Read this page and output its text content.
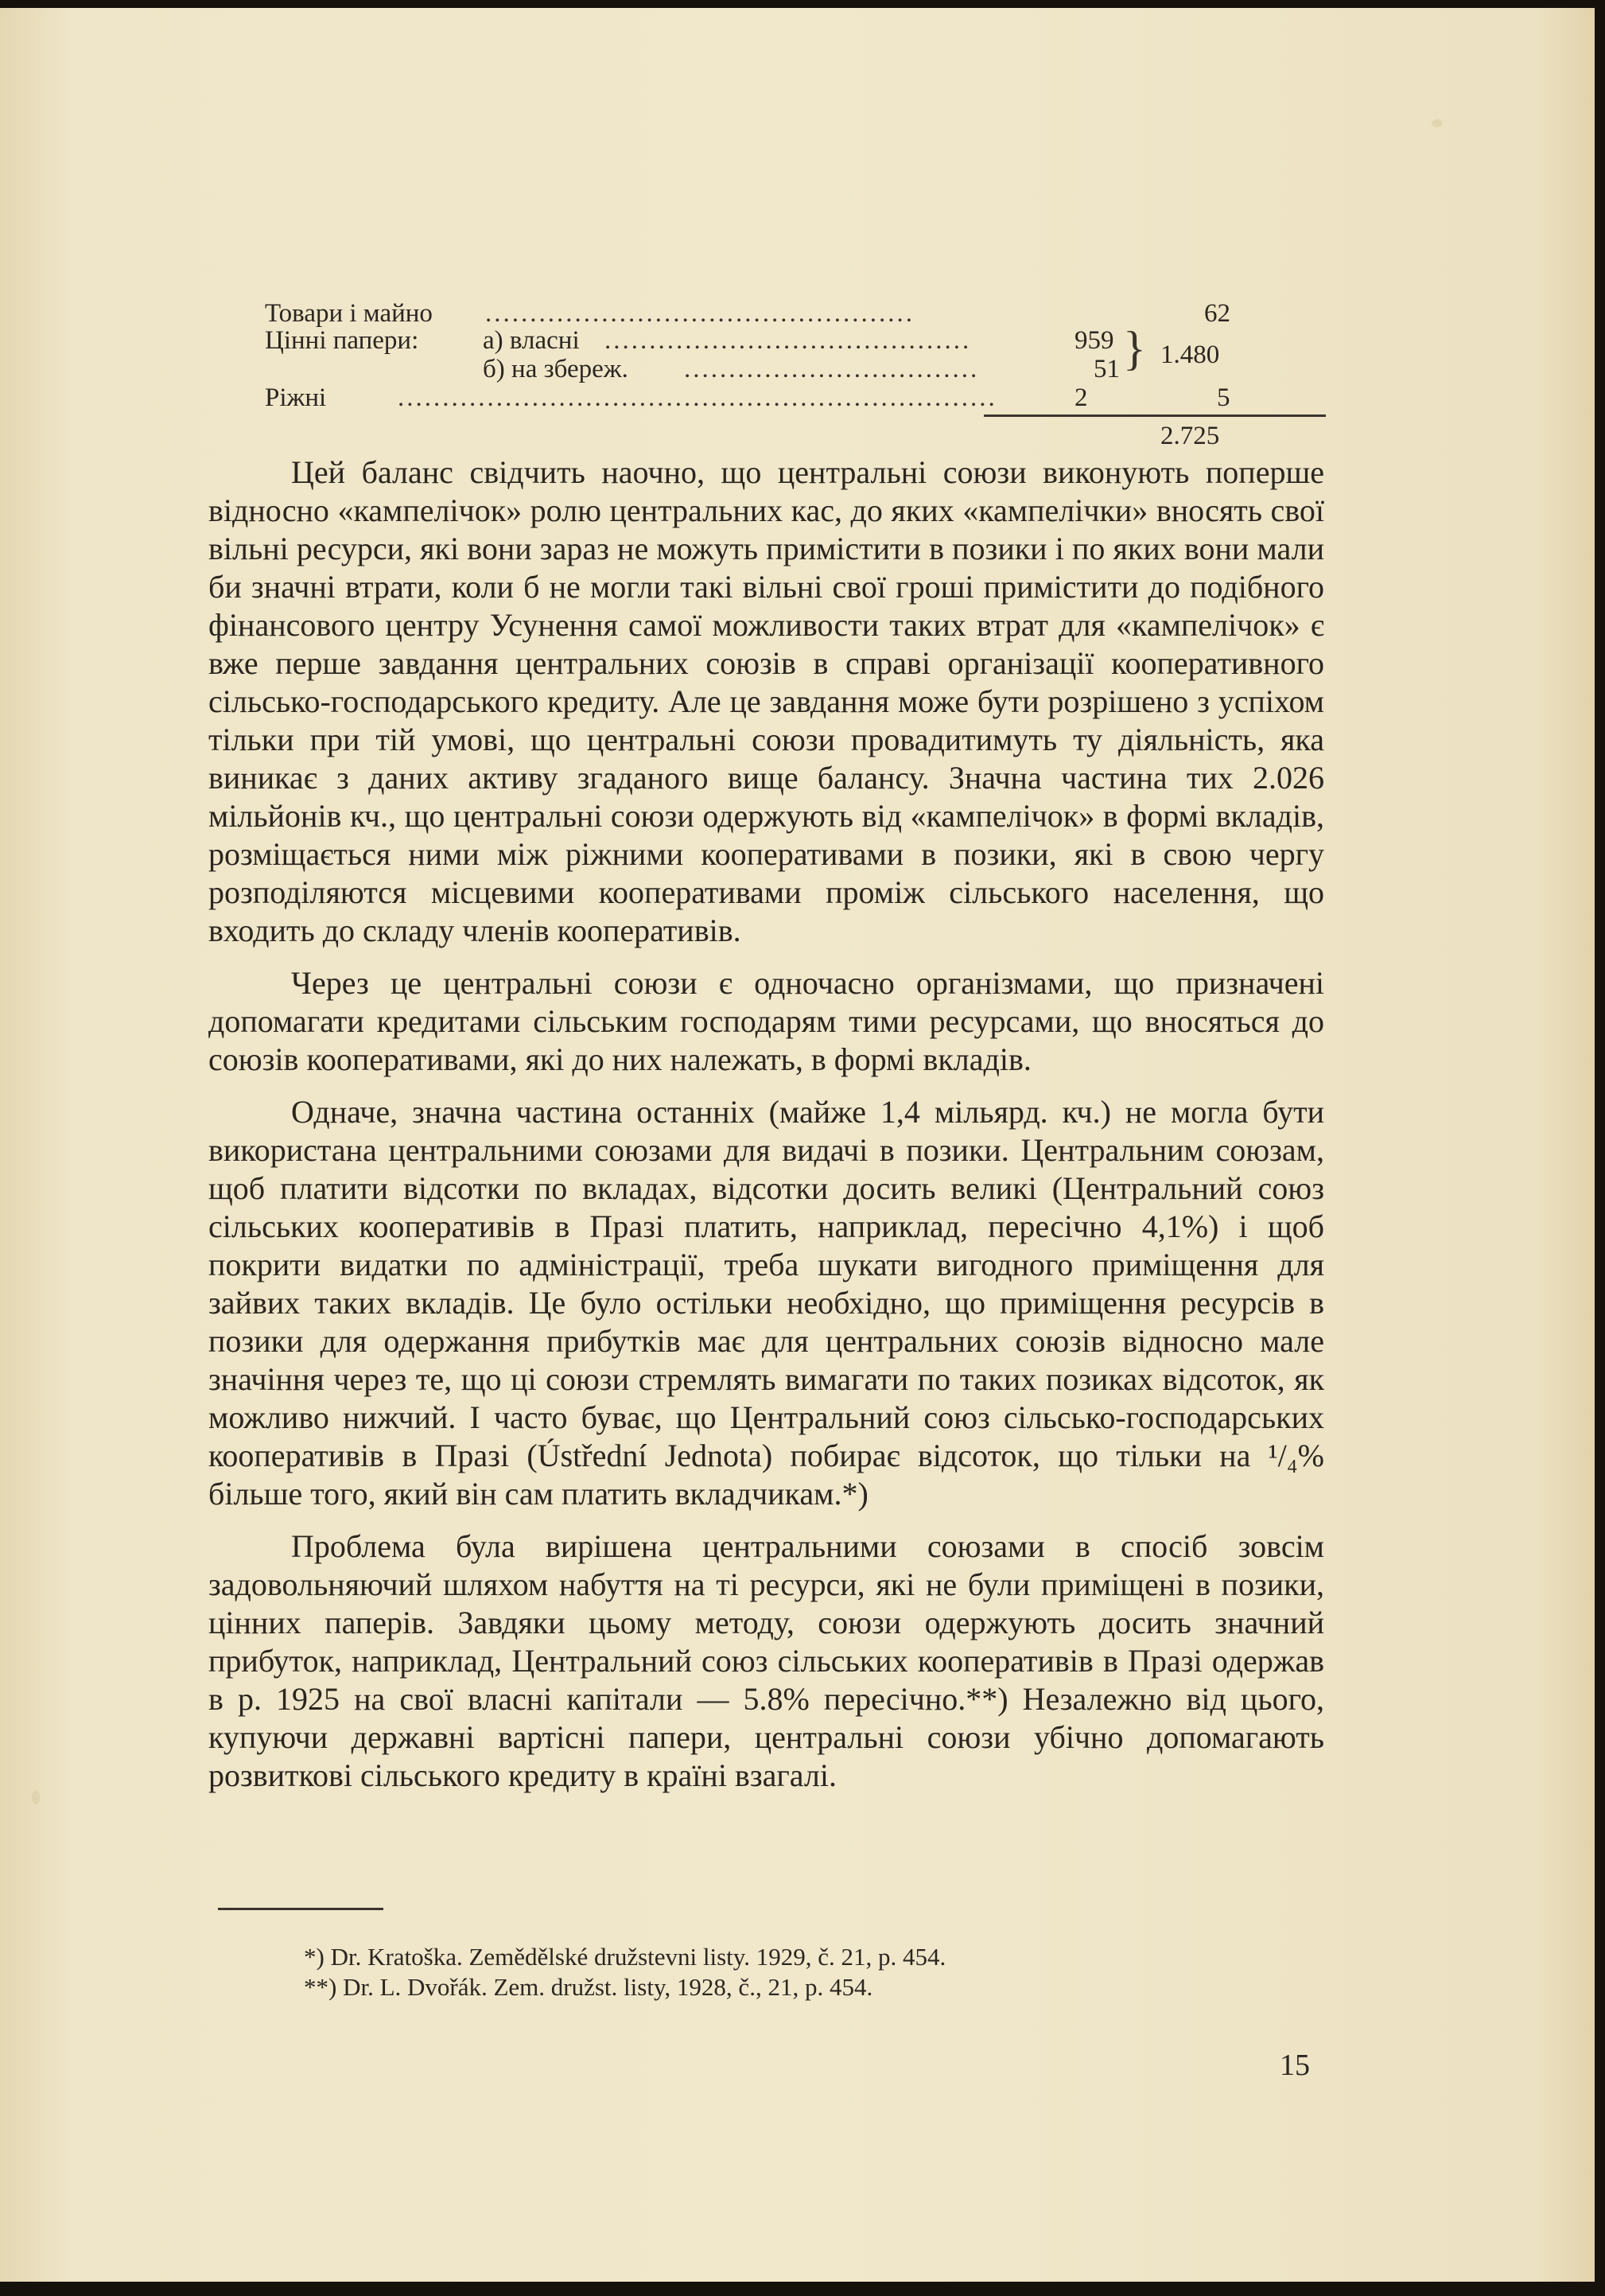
Товари і майно ................................................	62
Цінні папери: а) власні .........................................	959
б) на збереж. .................................	51 } 1.480
Ріжні	...................................................................	2	5
2.725

Цей баланс свідчить наочно, що центральні союзи виконують поперше відносно «кампелічок» ролю центральних кас, до яких «кампелічки» вносять свої вільні ресурси, які вони зараз не можуть примістити в позики і по яких вони мали би значні втрати, коли б не могли такі вільні свої гроші примістити до подібного фінансового центру Усунення самої можливости таких втрат для «кампелічок» є вже перше завдання центральних союзів в справі організації кооперативного сільсько-господарського кредиту. Але це завдання може бути розрішено з успіхом тільки при тій умові, що центральні союзи провадитимуть ту діяльність, яка виникає з даних активу згаданого вище балансу. Значна частина тих 2.026 мільйонів кч., що центральні союзи одержують від «кампелічок» в формі вкладів, розміщається ними між ріжними кооперативами в позики, які в свою чергу розподіляются місцевими кооперативами проміж сільського населення, що входить до складу членів кооперативів.

Через це центральні союзи є одночасно організмами, що призначені допомагати кредитами сільським господарям тими ресурсами, що вносяться до союзів кооперативами, які до них належать, в формі вкладів.

Одначе, значна частина останніх (майже 1,4 мільярд. кч.) не могла бути використана центральними союзами для видачі в позики. Центральним союзам, щоб платити відсотки по вкладах, відсотки досить великі (Центральний союз сільських кооперативів в Празі платить, наприклад, пересічно 4,1%) і щоб покрити видатки по адміністрації, треба шукати вигодного приміщення для зайвих таких вкладів. Це було остільки необхідно, що приміщення ресурсів в позики для одержання прибутків має для центральних союзів відносно мале значіння через те, що ці союзи стремлять вимагати по таких позиках відсоток, як можливо нижчий. І часто буває, що Центральний союз сільсько-господарських кооперативів в Празі (Ústřední Jednota) побирає відсоток, що тільки на ¹/₄% більше того, який він сам платить вкладчикам.*)

Проблема була вирішена центральними союзами в спосіб зовсім задовольняючий шляхом набуття на ті ресурси, які не були приміщені в позики, цінних паперів. Завдяки цьому методу, союзи одержують досить значний прибуток, наприклад, Центральний союз сільських кооперативів в Празі одержав в р. 1925 на свої власні капітали — 5.8% пересічно.**) Незалежно від цього, купуючи державні вартісні папери, центральні союзи убічно допомагають розвиткові сільського кредиту в країні взагалі.

*) Dr. Kratoška. Zemědělské družstevni listy. 1929, č. 21, p. 454.
**) Dr. L. Dvořák. Zem. družst. listy, 1928, č., 21, p. 454.
15
